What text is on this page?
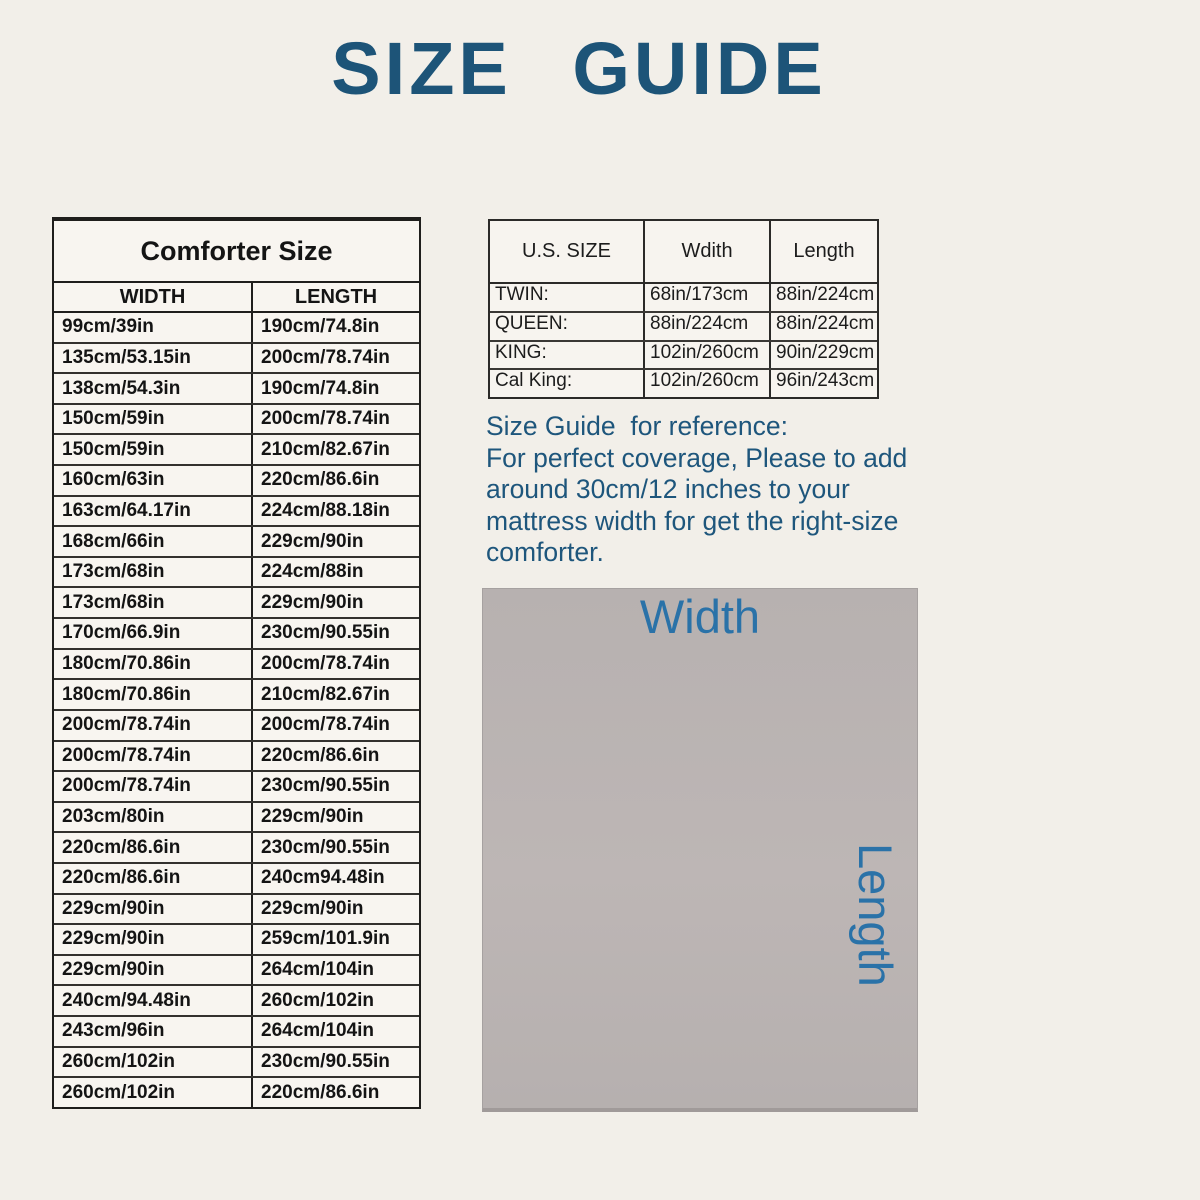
SIZE GUIDE
Comforter Size
WIDTH	LENGTH
99cm/39in	190cm/74.8in
135cm/53.15in	200cm/78.74in
138cm/54.3in	190cm/74.8in
150cm/59in	200cm/78.74in
150cm/59in	210cm/82.67in
160cm/63in	220cm/86.6in
163cm/64.17in	224cm/88.18in
168cm/66in	229cm/90in
173cm/68in	224cm/88in
173cm/68in	229cm/90in
170cm/66.9in	230cm/90.55in
180cm/70.86in	200cm/78.74in
180cm/70.86in	210cm/82.67in
200cm/78.74in	200cm/78.74in
200cm/78.74in	220cm/86.6in
200cm/78.74in	230cm/90.55in
203cm/80in	229cm/90in
220cm/86.6in	230cm/90.55in
220cm/86.6in	240cm94.48in
229cm/90in	229cm/90in
229cm/90in	259cm/101.9in
229cm/90in	264cm/104in
240cm/94.48in	260cm/102in
243cm/96in	264cm/104in
260cm/102in	230cm/90.55in
260cm/102in	220cm/86.6in
U.S. SIZE	Wdith	Length
TWIN:	68in/173cm	88in/224cm
QUEEN:	88in/224cm	88in/224cm
KING:	102in/260cm 90in/229cm
Cal King:	102in/260cm 96in/243cm
Size Guide  for reference:
For perfect coverage, Please to add
around 30cm/12 inches to your
mattress width for get the right-size
comforter.
Width
Length
